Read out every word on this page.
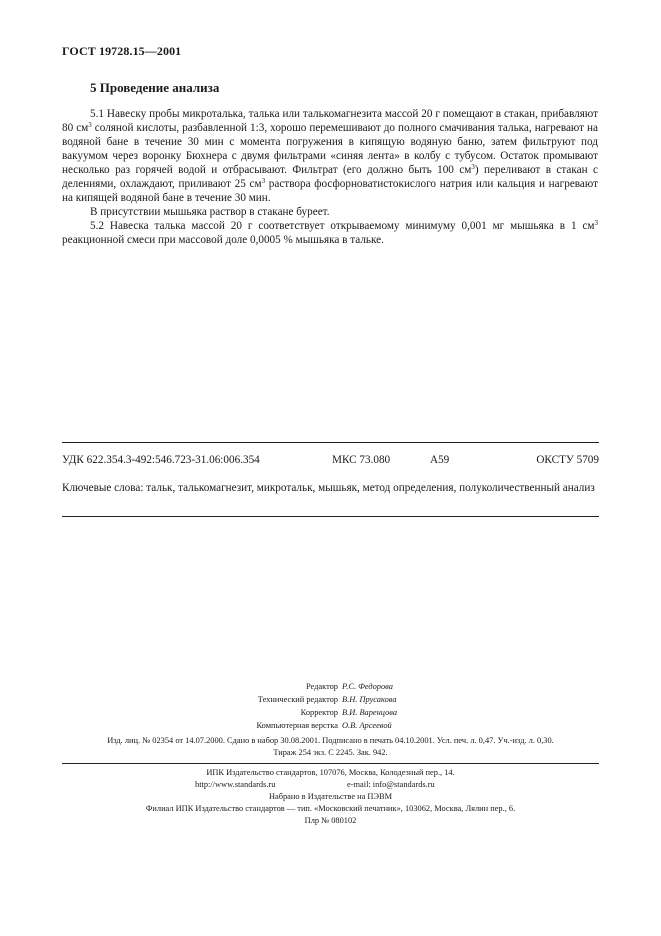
ГОСТ 19728.15—2001
5 Проведение анализа

5.1 Навеску пробы микроталька, талька или талькомагнезита массой 20 г помещают в стакан, прибавляют 80 $см^3$ соляной кислоты, разбавленной 1:3, хорошо перемешивают до полного смачивания талька, нагревают на водяной бане в течение 30 мин с момента погружения в кипящую водяную баню, затем фильтруют под вакуумом через воронку Бюхнера с двумя фильтрами «синяя лента» в колбу с тубусом. Остаток промывают несколько раз горячей водой и отбрасывают. Фильтрат (его должно быть 100 $см^3$) переливают в стакан с делениями, охлаждают, приливают 25 $см^3$ раствора фосфорноватистокислого натрия или кальция и нагревают на кипящей водяной бане в течение 30 мин.

В присутствии мышьяка раствор в стакане буреет.

5.2 Навеска талька массой 20 г соответствует открываемому минимуму 0,001 мг мышьяка в 1 $см^3$ реакционной смеси при массовой доле 0,0005 % мышьяка в тальке.

УДК 622.354.3-492:546.723-31.06:006.354	МКС 73.080	А59	ОКСТУ 5709
Ключевые слова: тальк, талькомагнезит, микротальк, мышьяк, метод определения, полуколичественный анализ
Редактор Р.С. Федорова
Технический редактор В.Н. Прусакова
Корректор В.И. Варенцова
Компьютерная верстка О.В. Арсеевой
Изд. лиц. № 02354 от 14.07.2000. Сдано в набор 30.08.2001. Подписано в печать 04.10.2001. Усл. печ. л. 0,47. Уч.-изд. л. 0,30.
Тираж 254 экз. С 2245. Зак. 942.
ИПК Издательство стандартов, 107076, Москва, Колодезный пер., 14.
http://www.standards.ru	e-mail: info@standards.ru
Набрано в Издательстве на ПЭВМ
Филиал ИПК Издательство стандартов — тип. «Московский печатник», 103062, Москва, Лялин пер., 6.
Плр № 080102
